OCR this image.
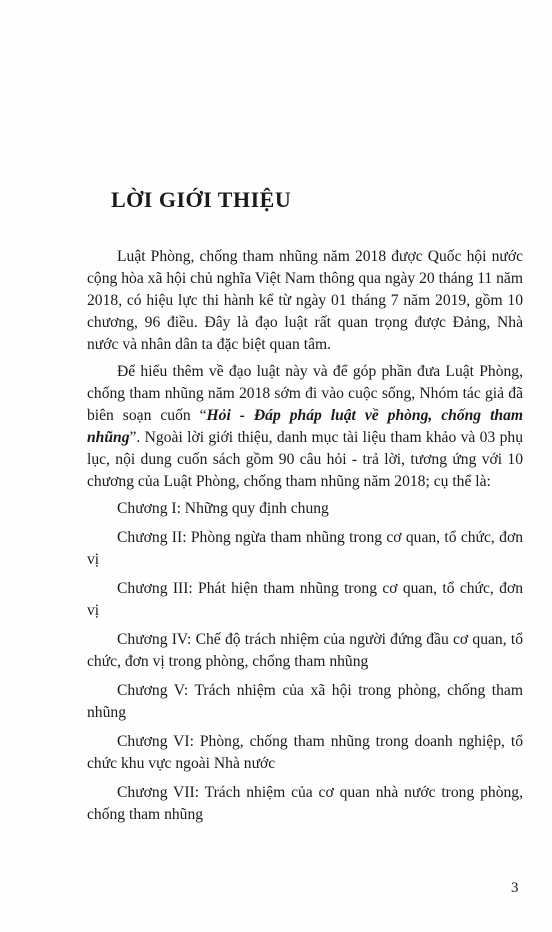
LỜI GIỚI THIỆU

Luật Phòng, chống tham nhũng năm 2018 được Quốc hội nước cộng hòa xã hội chủ nghĩa Việt Nam thông qua ngày 20 tháng 11 năm 2018, có hiệu lực thi hành kể từ ngày 01 tháng 7 năm 2019, gồm 10 chương, 96 điều. Đây là đạo luật rất quan trọng được Đảng, Nhà nước và nhân dân ta đặc biệt quan tâm.

Để hiểu thêm về đạo luật này và để góp phần đưa Luật Phòng, chống tham nhũng năm 2018 sớm đi vào cuộc sống, Nhóm tác giả đã biên soạn cuốn “Hỏi - Đáp pháp luật về phòng, chống tham nhũng”. Ngoài lời giới thiệu, danh mục tài liệu tham khảo và 03 phụ lục, nội dung cuốn sách gồm 90 câu hỏi - trả lời, tương ứng với 10 chương của Luật Phòng, chống tham nhũng năm 2018; cụ thể là:

Chương I: Những quy định chung

Chương II: Phòng ngừa tham nhũng trong cơ quan, tổ chức, đơn vị

Chương III: Phát hiện tham nhũng trong cơ quan, tổ chức, đơn vị

Chương IV: Chế độ trách nhiệm của người đứng đầu cơ quan, tổ chức, đơn vị trong phòng, chống tham nhũng

Chương V: Trách nhiệm của xã hội trong phòng, chống tham nhũng

Chương VI: Phòng, chống tham nhũng trong doanh nghiệp, tổ chức khu vực ngoài Nhà nước

Chương VII: Trách nhiệm của cơ quan nhà nước trong phòng, chống tham nhũng

3
